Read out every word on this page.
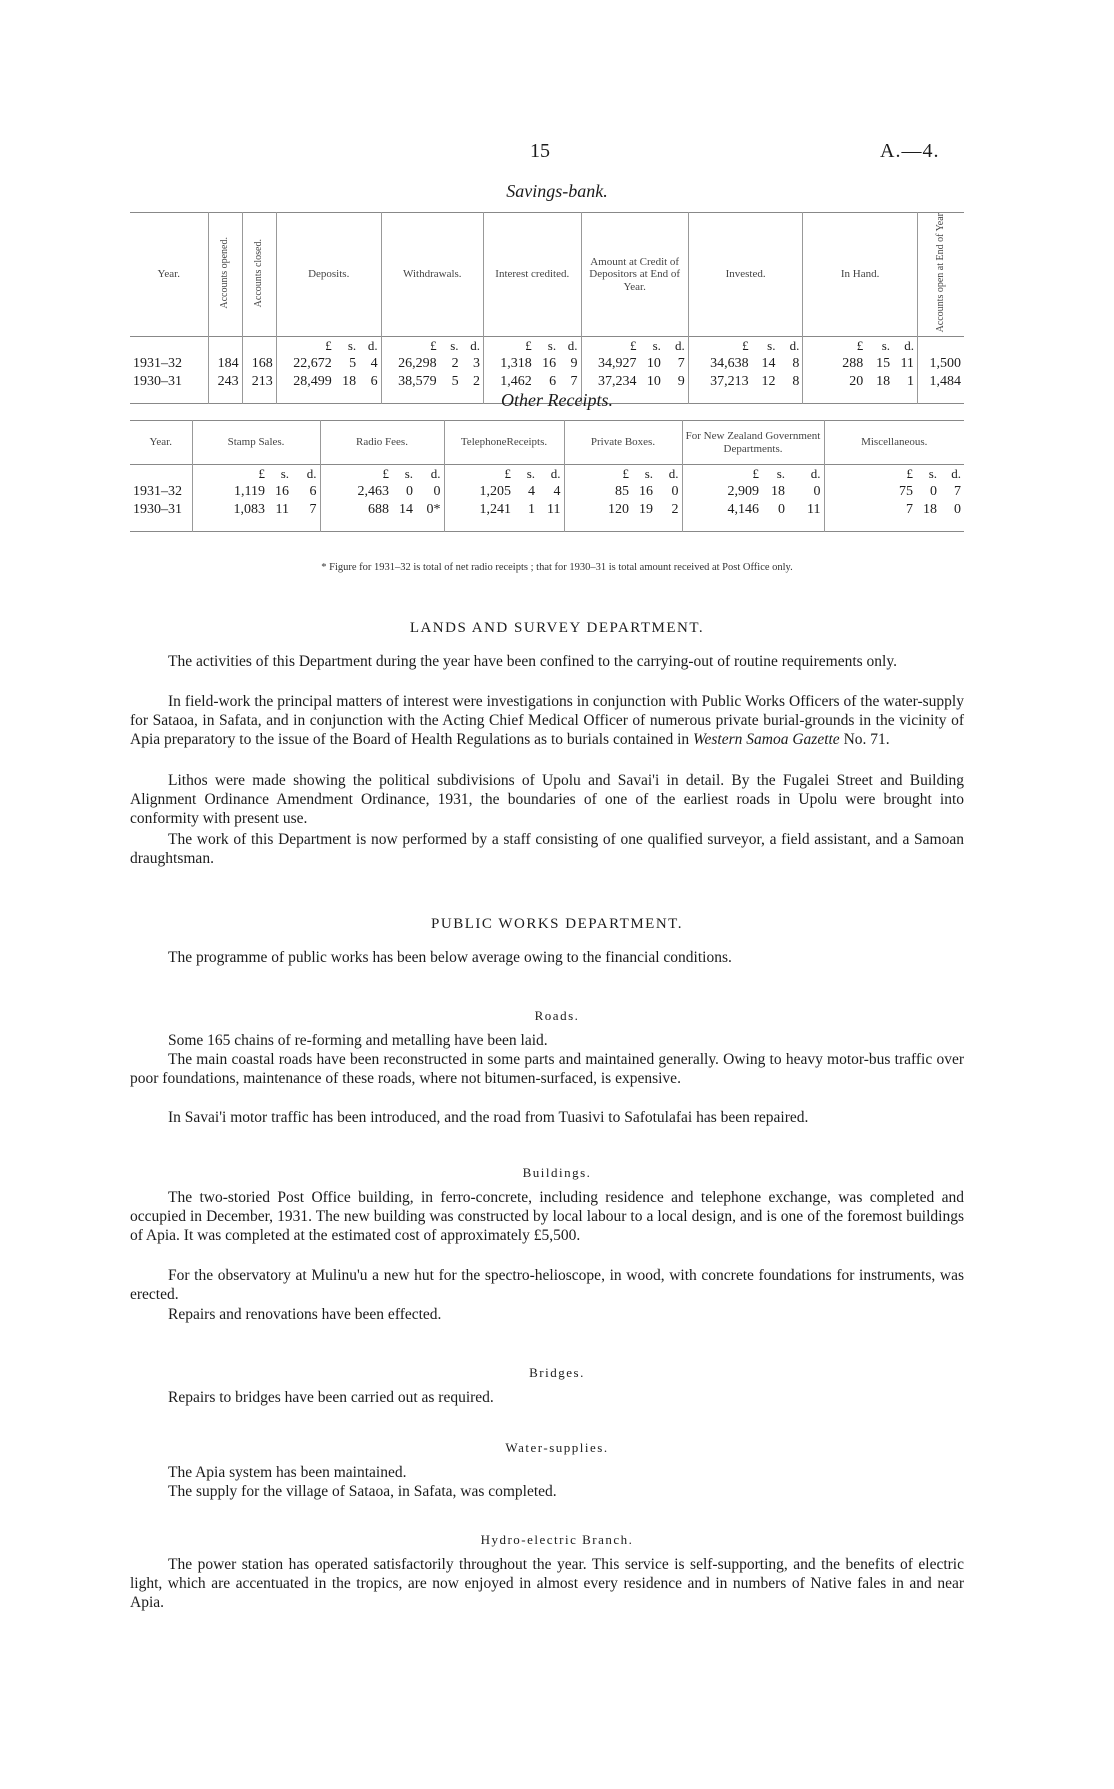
15	A.—4.
Savings-bank.
Year.	Accounts opened.	Accounts closed.	Deposits.			Withdrawals.			Interest credited.			Amount at Credit of Depositors at End of Year.			Invested.			In Hand.			Accounts open at End of Year
			£	s.	d.	£	s.	d.	£	s.	d.	£	s.	d.	£	s.	d.	£	s.	d.	
1931–32	184	168	22,672	5	4	26,298	2	3	1,318	16	9	34,927	10	7	34,638	14	8	288	15	11	1,500
1930–31	243	213	28,499	18	6	38,579	5	2	1,462	6	7	37,234	10	9	37,213	12	8	20	18	1	1,484
Other Receipts.
Year.	Stamp Sales.			Radio Fees.			TelephoneReceipts.			Private Boxes.			For New Zealand Government Departments.			Miscellaneous.		
	£	s.	d.	£	s.	d.	£	s.	d.	£	s.	d.	£	s.	d.	£	s.	d.
1931–32	1,119	16	6	2,463	0	0	1,205	4	4	85	16	0	2,909	18	0	75	0	7
1930–31	1,083	11	7	688	14	0*	1,241	1	11	120	19	2	4,146	0	11	7	18	0
* Figure for 1931–32 is total of net radio receipts ; that for 1930–31 is total amount received at Post Office only.
LANDS AND SURVEY DEPARTMENT.

The activities of this Department during the year have been confined to the carrying-out of routine requirements only.

In field-work the principal matters of interest were investigations in conjunction with Public Works Officers of the water-supply for Sataoa, in Safata, and in conjunction with the Acting Chief Medical Officer of numerous private burial-grounds in the vicinity of Apia preparatory to the issue of the Board of Health Regulations as to burials contained in Western Samoa Gazette No. 71.

Lithos were made showing the political subdivisions of Upolu and Savai'i in detail. By the Fugalei Street and Building Alignment Ordinance Amendment Ordinance, 1931, the boundaries of one of the earliest roads in Upolu were brought into conformity with present use.

The work of this Department is now performed by a staff consisting of one qualified surveyor, a field assistant, and a Samoan draughtsman.

PUBLIC WORKS DEPARTMENT.

The programme of public works has been below average owing to the financial conditions.

Roads.

Some 165 chains of re-forming and metalling have been laid.

The main coastal roads have been reconstructed in some parts and maintained generally. Owing to heavy motor-bus traffic over poor foundations, maintenance of these roads, where not bitumen-surfaced, is expensive.

In Savai'i motor traffic has been introduced, and the road from Tuasivi to Safotulafai has been repaired.

Buildings.

The two-storied Post Office building, in ferro-concrete, including residence and telephone exchange, was completed and occupied in December, 1931. The new building was constructed by local labour to a local design, and is one of the foremost buildings of Apia. It was completed at the estimated cost of approximately £5,500.

For the observatory at Mulinu'u a new hut for the spectro-helioscope, in wood, with concrete foundations for instruments, was erected.

Repairs and renovations have been effected.

Bridges.

Repairs to bridges have been carried out as required.

Water-supplies.

The Apia system has been maintained.

The supply for the village of Sataoa, in Safata, was completed.

Hydro-electric Branch.

The power station has operated satisfactorily throughout the year. This service is self-supporting, and the benefits of electric light, which are accentuated in the tropics, are now enjoyed in almost every residence and in numbers of Native fales in and near Apia.
